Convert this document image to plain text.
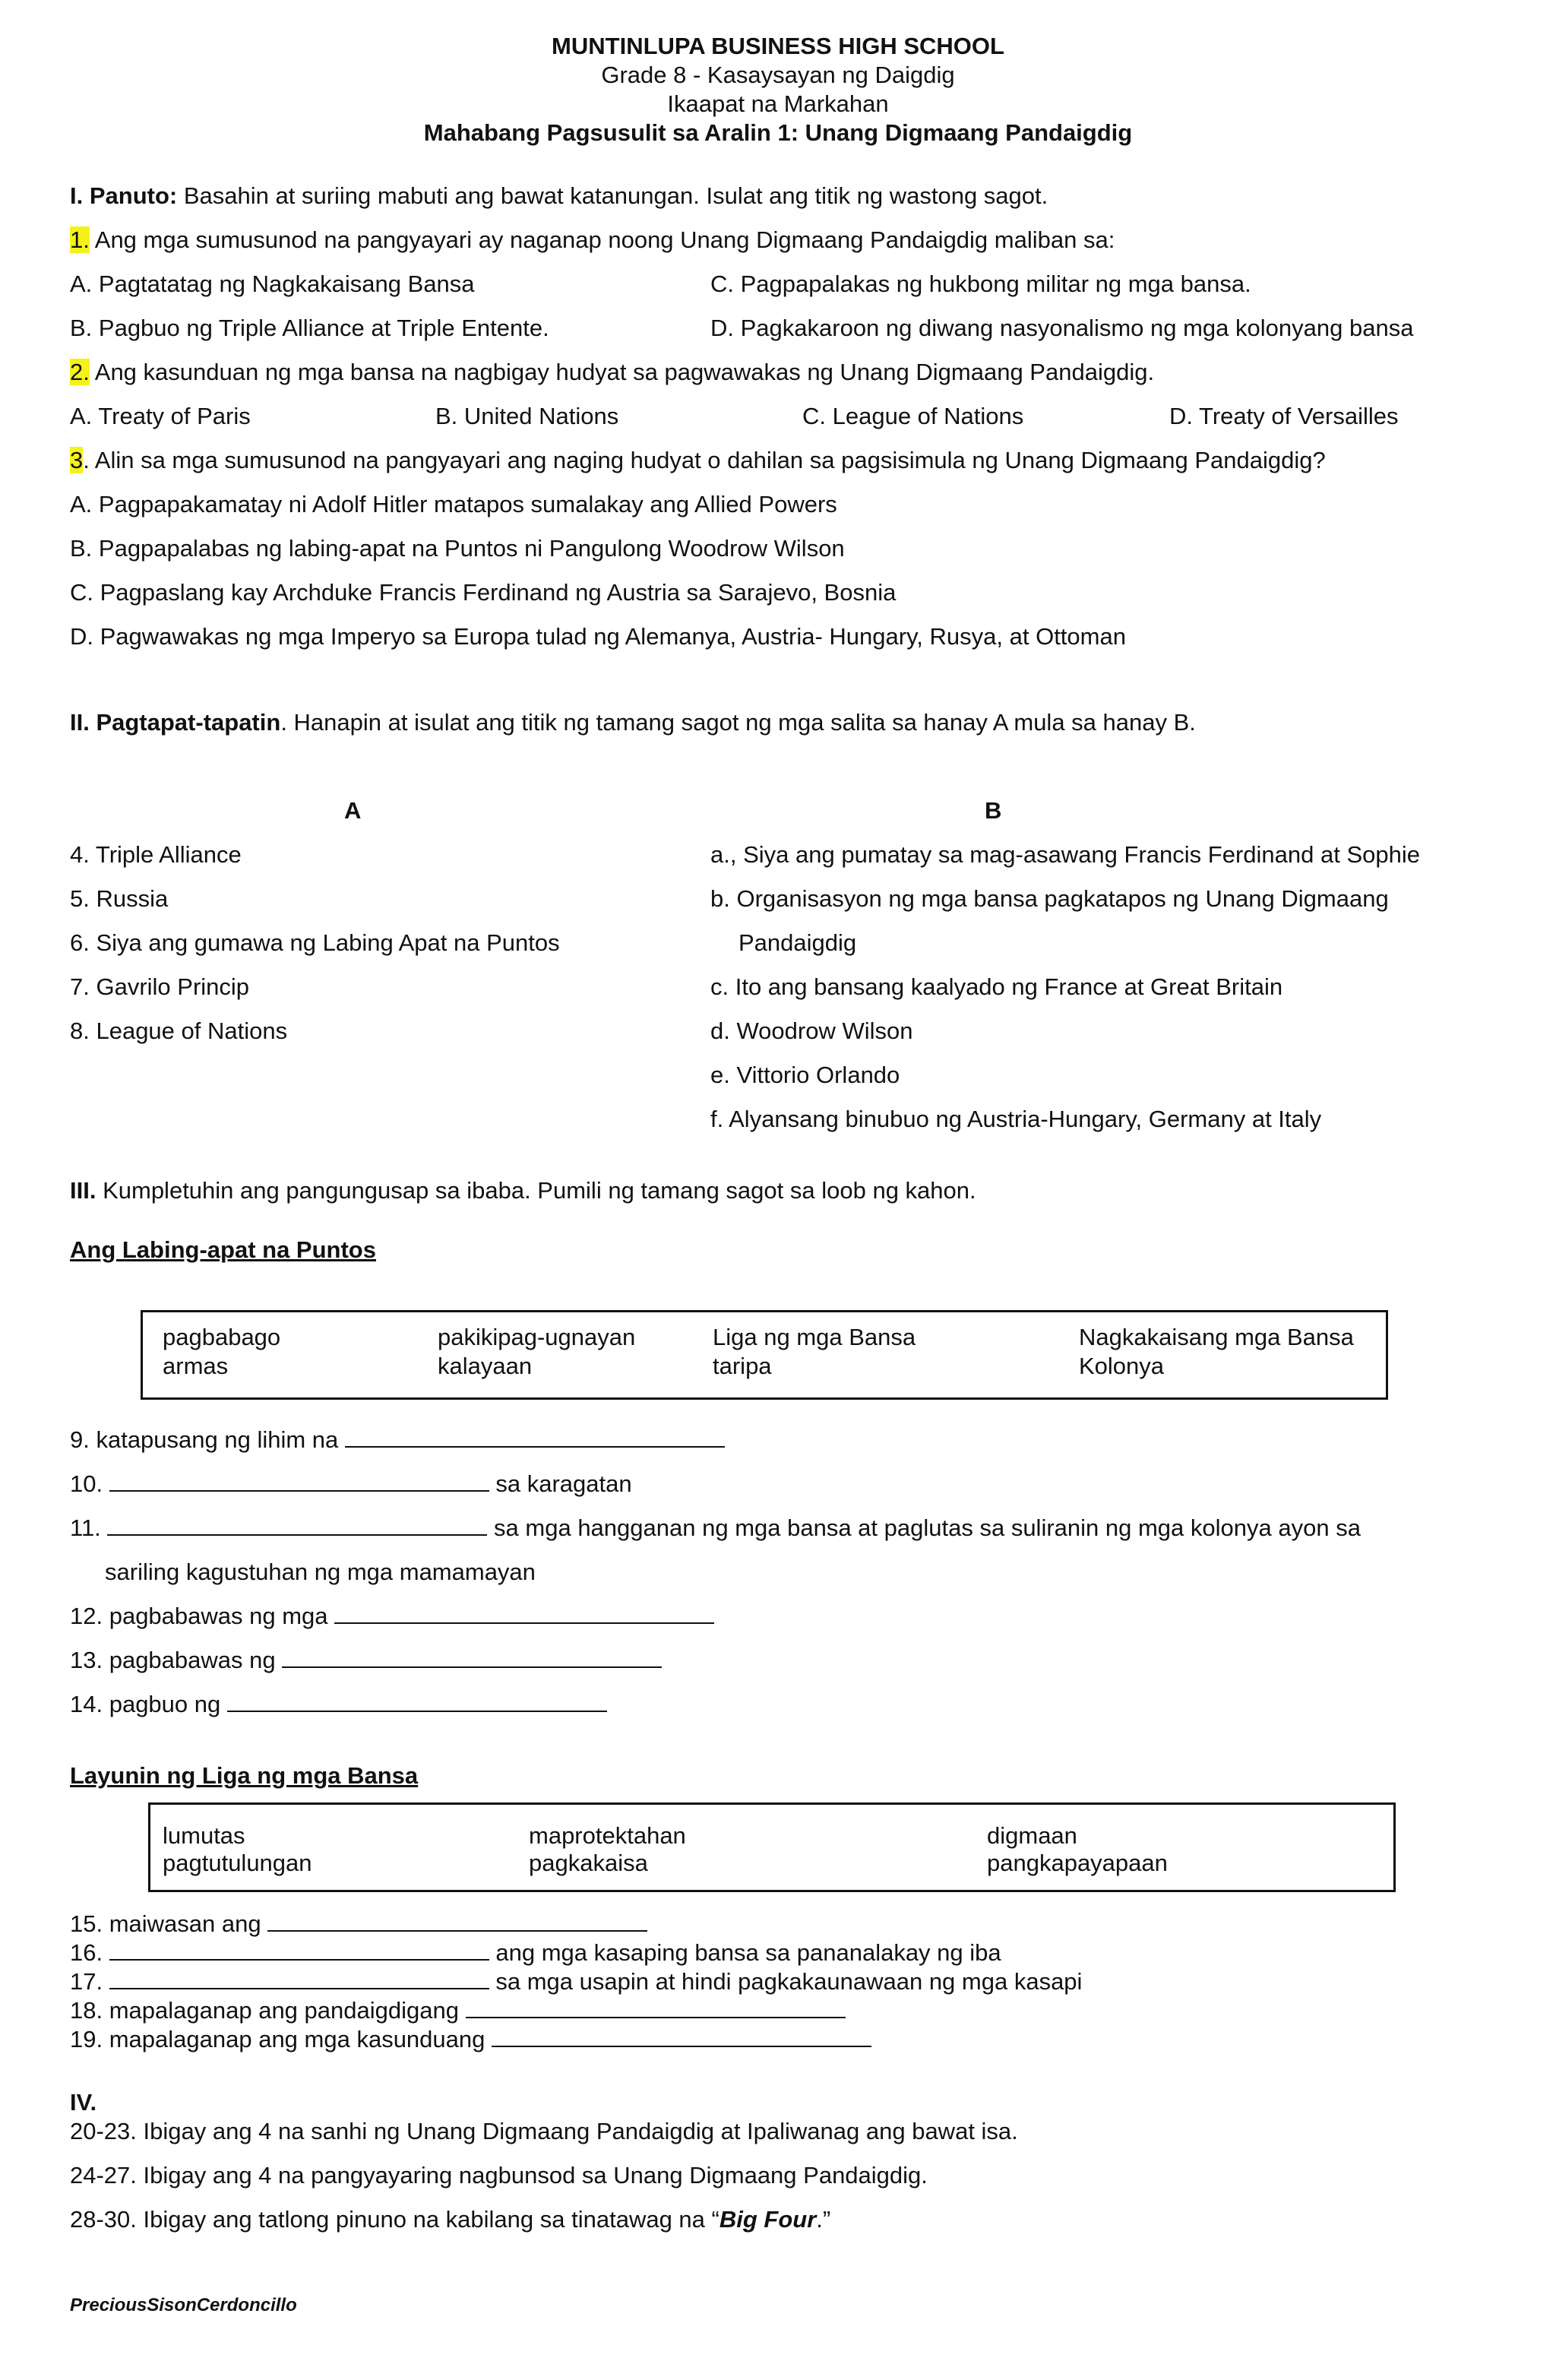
MUNTINLUPA BUSINESS HIGH SCHOOL
Grade 8 - Kasaysayan ng Daigdig
Ikaapat na Markahan
Mahabang Pagsusulit sa Aralin 1: Unang Digmaang Pandaigdig
I. Panuto: Basahin at suriing mabuti ang bawat katanungan. Isulat ang titik ng wastong sagot.
1. Ang mga sumusunod na pangyayari ay naganap noong Unang Digmaang Pandaigdig maliban sa:
A. Pagtatatag ng Nagkakaisang Bansa	C. Pagpapalakas ng hukbong militar ng mga bansa.
B. Pagbuo ng Triple Alliance at Triple Entente.	D. Pagkakaroon ng diwang nasyonalismo ng mga kolonyang bansa
2. Ang kasunduan ng mga bansa na nagbigay hudyat sa pagwawakas ng Unang Digmaang Pandaigdig.
A. Treaty of Paris	B. United Nations	C. League of Nations	D. Treaty of Versailles
3. Alin sa mga sumusunod na pangyayari ang naging hudyat o dahilan sa pagsisimula ng Unang Digmaang Pandaigdig?
A. Pagpapakamatay ni Adolf Hitler matapos sumalakay ang Allied Powers
B. Pagpapalabas ng labing-apat na Puntos ni Pangulong Woodrow Wilson
C. Pagpaslang kay Archduke Francis Ferdinand ng Austria sa Sarajevo, Bosnia
D. Pagwawakas ng mga Imperyo sa Europa tulad ng Alemanya, Austria- Hungary, Rusya, at Ottoman
II. Pagtapat-tapatin. Hanapin at isulat ang titik ng tamang sagot ng mga salita sa hanay A mula sa hanay B.
A	B
4. Triple Alliance
5. Russia
6. Siya ang gumawa ng Labing Apat na Puntos
7. Gavrilo Princip
8. League of Nations
a., Siya ang pumatay sa mag-asawang Francis Ferdinand at Sophie
b. Organisasyon ng mga bansa pagkatapos ng Unang Digmaang
Pandaigdig
c. Ito ang bansang kaalyado ng France at Great Britain
d. Woodrow Wilson
e. Vittorio Orlando
f. Alyansang binubuo ng Austria-Hungary, Germany at Italy
III. Kumpletuhin ang pangungusap sa ibaba. Pumili ng tamang sagot sa loob ng kahon.
Ang Labing-apat na Puntos
pagbabago	pakikipag-ugnayan	Liga ng mga Bansa	Nagkakaisang mga Bansa
armas	kalayaan	taripa	Kolonya
9. katapusang ng lihim na
10.	sa karagatan
11.	sa mga hangganan ng mga bansa at paglutas sa suliranin ng mga kolonya ayon sa
sariling kagustuhan ng mga mamamayan
12. pagbabawas ng mga
13. pagbabawas ng
14. pagbuo ng
Layunin ng Liga ng mga Bansa
lumutas	maprotektahan	digmaan
pagtutulungan	pagkakaisa	pangkapayapaan
15. maiwasan ang
16.	ang mga kasaping bansa sa pananalakay ng iba
17.	sa mga usapin at hindi pagkakaunawaan ng mga kasapi
18. mapalaganap ang pandaigdigang
19. mapalaganap ang mga kasunduang
IV.
20-23. Ibigay ang 4 na sanhi ng Unang Digmaang Pandaigdig at Ipaliwanag ang bawat isa.
24-27. Ibigay ang 4 na pangyayaring nagbunsod sa Unang Digmaang Pandaigdig.
28-30. Ibigay ang tatlong pinuno na kabilang sa tinatawag na “Big Four.”
PreciousSisonCerdoncillo
